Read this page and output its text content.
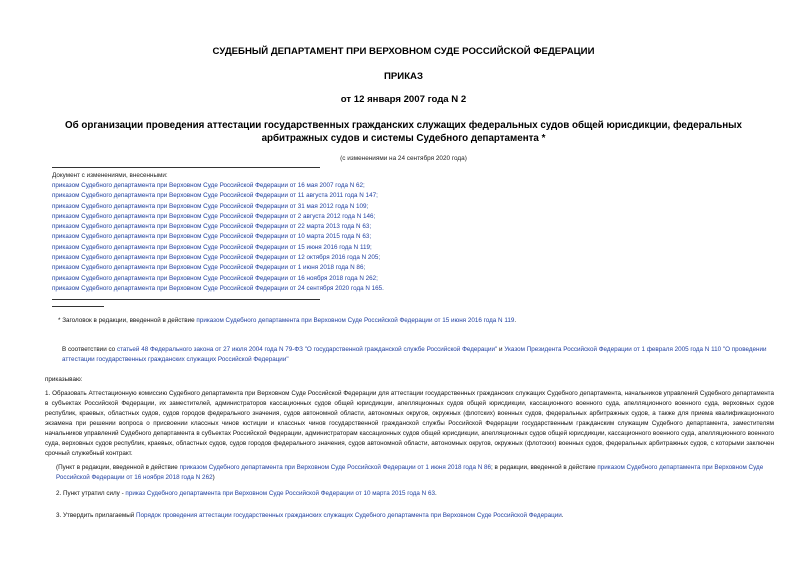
СУДЕБНЫЙ ДЕПАРТАМЕНТ ПРИ ВЕРХОВНОМ СУДЕ РОССИЙСКОЙ ФЕДЕРАЦИИ
ПРИКАЗ
от 12 января 2007 года N 2
Об организации проведения аттестации государственных гражданских служащих федеральных судов общей юрисдикции, федеральных арбитражных судов и системы Судебного департамента *
(с изменениями на 24 сентября 2020 года)
Документ с изменениями, внесенными:
приказом Судебного департамента при Верховном Суде Российской Федерации от 16 мая 2007 года N 62;
приказом Судебного департамента при Верховном Суде Российской Федерации от 11 августа 2011 года N 147;
приказом Судебного департамента при Верховном Суде Российской Федерации от 31 мая 2012 года N 109;
приказом Судебного департамента при Верховном Суде Российской Федерации от 2 августа 2012 года N 146;
приказом Судебного департамента при Верховном Суде Российской Федерации от 22 марта 2013 года N 63;
приказом Судебного департамента при Верховном Суде Российской Федерации от 10 марта 2015 года N 63;
приказом Судебного департамента при Верховном Суде Российской Федерации от 15 июня 2016 года N 119;
приказом Судебного департамента при Верховном Суде Российской Федерации от 12 октября 2016 года N 205;
приказом Судебного департамента при Верховном Суде Российской Федерации от 1 июня 2018 года N 86;
приказом Судебного департамента при Верховном Суде Российской Федерации от 16 ноября 2018 года N 262;
приказом Судебного департамента при Верховном Суде Российской Федерации от 24 сентября 2020 года N 165.
* Заголовок в редакции, введенной в действие приказом Судебного департамента при Верховном Суде Российской Федерации от 15 июня 2016 года N 119.
В соответствии со статьей 48 Федерального закона от 27 июля 2004 года N 79-ФЗ "О государственной гражданской службе Российской Федерации" и Указом Президента Российской Федерации от 1 февраля 2005 года N 110 "О проведении аттестации государственных гражданских служащих Российской Федерации"
приказываю:
1. Образовать Аттестационную комиссию Судебного департамента при Верховном Суде Российской Федерации для аттестации государственных гражданских служащих Судебного департамента, начальников управлений Судебного департамента в субъектах Российской Федерации, их заместителей, администраторов кассационных судов общей юрисдикции, апелляционных судов общей юрисдикции, кассационного военного суда, апелляционного военного суда, верховных судов республик, краевых, областных судов, судов городов федерального значения, судов автономной области, автономных округов, окружных (флотских) военных судов, федеральных арбитражных судов, а также для приема квалификационного экзамена при решении вопроса о присвоении классных чинов юстиции и классных чинов государственной гражданской службы Российской Федерации государственным гражданским служащим Судебного департамента, заместителям начальников управлений Судебного департамента в субъектах Российской Федерации, администраторам кассационных судов общей юрисдикции, апелляционных судов общей юрисдикции, кассационного военного суда, апелляционного военного суда, верховных судов республик, краевых, областных судов, судов городов федерального значения, судов автономной области, автономных округов, окружных (флотских) военных судов, федеральных арбитражных судов, с которыми заключен срочный служебный контракт.
(Пункт в редакции, введенной в действие приказом Судебного департамента при Верховном Суде Российской Федерации от 1 июня 2018 года N 86; в редакции, введенной в действие приказом Судебного департамента при Верховном Суде Российской Федерации от 16 ноября 2018 года N 262)
2. Пункт утратил силу - приказ Судебного департамента при Верховном Суде Российской Федерации от 10 марта 2015 года N 63.
3. Утвердить прилагаемый Порядок проведения аттестации государственных гражданских служащих Судебного департамента при Верховном Суде Российской Федерации.
